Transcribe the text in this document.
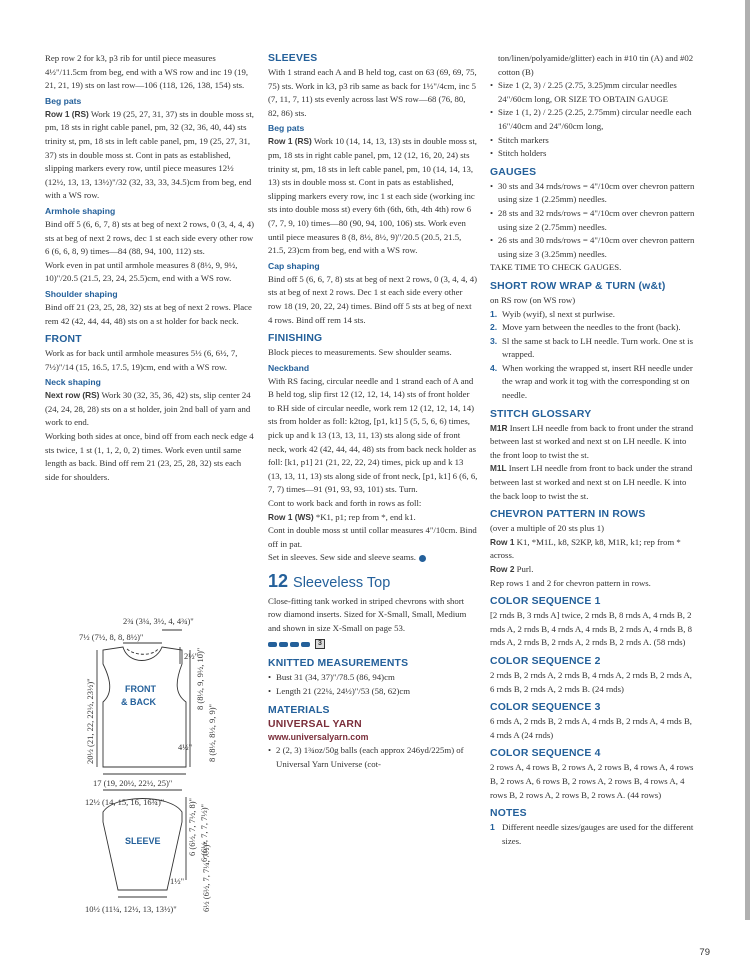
Rep row 2 for k3, p3 rib for until piece measures 4½"/11.5cm from beg, end with a WS row and inc 19 (19, 21, 21, 19) sts on last row—106 (118, 126, 138, 154) sts.

Beg pats

Row 1 (RS) Work 19 (25, 27, 31, 37) sts in double moss st, pm, 18 sts in right cable panel, pm, 32 (32, 36, 40, 44) sts trinity st, pm, 18 sts in left cable panel, pm, 19 (25, 27, 31, 37) sts in double moss st. Cont in pats as established, slipping markers every row, until piece measures 12½ (12½, 13, 13, 13½)"/32 (32, 33, 33, 34.5)cm from beg, end with a WS row.

Armhole shaping

Bind off 5 (6, 6, 7, 8) sts at beg of next 2 rows, 0 (3, 4, 4, 4) sts at beg of next 2 rows, dec 1 st each side every other row 6 (6, 6, 8, 9) times—84 (88, 94, 100, 112) sts.

Work even in pat until armhole measures 8 (8½, 9, 9½, 10)"/20.5 (21.5, 23, 24, 25.5)cm, end with a WS row.

Shoulder shaping

Bind off 21 (23, 25, 28, 32) sts at beg of next 2 rows. Place rem 42 (42, 44, 44, 48) sts on a st holder for back neck.

FRONT

Work as for back until armhole measures 5½ (6, 6½, 7, 7½)"/14 (15, 16.5, 17.5, 19)cm, end with a WS row.

Neck shaping

Next row (RS) Work 30 (32, 35, 36, 42) sts, slip center 24 (24, 24, 28, 28) sts on a st holder, join 2nd ball of yarn and work to end.

Working both sides at once, bind off from each neck edge 4 sts twice, 1 st (1, 1, 2, 0, 2) times. Work even until same length as back. Bind off rem 21 (23, 25, 28, 32) sts each side for shoulders.

2¾ (3¼, 3½, 4, 4¾)"
7½ (7½, 8, 8, 8½)"
2½"
8 (8½, 9, 9½, 10)"
20½ (21, 22, 22½, 23½)"	4½" 8 (8½, 8½, 9, 9)"
17 (19, 20½, 22½, 25)"
12½ (14, 15, 16, 16¾)"	6 (6½, 7, 7½, 8)" 6 (6½, 7, 7, 7½)"
1½" 6½ (6½, 7, 7¼, 7½)"
10½ (11¼, 12½, 13, 13½)"
FRONT
& BACK
SLEEVE
SLEEVES

With 1 strand each A and B held tog, cast on 63 (69, 69, 75, 75) sts. Work in k3, p3 rib same as back for 1½"/4cm, inc 5 (7, 11, 7, 11) sts evenly across last WS row—68 (76, 80, 82, 86) sts.

Beg pats

Row 1 (RS) Work 10 (14, 14, 13, 13) sts in double moss st, pm, 18 sts in right cable panel, pm, 12 (12, 16, 20, 24) sts trinity st, pm, 18 sts in left cable panel, pm, 10 (14, 14, 13, 13) sts in double moss st. Cont in pats as established, slipping markers every row, inc 1 st each side (working inc sts into double moss st) every 6th (6th, 6th, 4th 4th) row 6 (7, 7, 9, 10) times—80 (90, 94, 100, 106) sts. Work even until piece measures 8 (8, 8½, 8½, 9)"/20.5 (20.5, 21.5, 21.5, 23)cm from beg, end with a WS row.

Cap shaping

Bind off 5 (6, 6, 7, 8) sts at beg of next 2 rows, 0 (3, 4, 4, 4) sts at beg of next 2 rows. Dec 1 st each side every other row 18 (19, 20, 22, 24) times. Bind off 5 sts at beg of next 4 rows. Bind off rem 14 sts.

FINISHING

Block pieces to measurements. Sew shoulder seams.

Neckband

With RS facing, circular needle and 1 strand each of A and B held tog, slip first 12 (12, 12, 14, 14) sts of front holder to RH side of circular needle, work rem 12 (12, 12, 14, 14) sts from holder as foll: k2tog, [p1, k1] 5 (5, 5, 6, 6) times, pick up and k 13 (13, 13, 11, 13) sts along side of front neck, work 42 (42, 44, 44, 48) sts from back neck holder as foll: [k1, p1] 21 (21, 22, 22, 24) times, pick up and k 13 (13, 13, 11, 13) sts along side of front neck, [p1, k1] 6 (6, 6, 7, 7) times—91 (91, 93, 93, 101) sts. Turn.

Cont to work back and forth in rows as foll:

Row 1 (WS) *K1, p1; rep from *, end k1.

Cont in double moss st until collar measures 4"/10cm. Bind off in pat.

Set in sleeves. Sew side and sleeve seams.

12 Sleeveless Top

Close-fitting tank worked in striped chevrons with short row diamond inserts. Sized for X-Small, Small, Medium and shown in size X-Small on page 53.

3
KNITTED MEASUREMENTS

• Bust 31 (34, 37)"/78.5 (86, 94)cm

• Length 21 (22¼, 24½)"/53 (58, 62)cm

MATERIALS
UNIVERSAL YARN
www.universalyarn.com

• 2 (2, 3) 1¾oz/50g balls (each approx 246yd/225m) of Universal Yarn Universe (cot-

ton/linen/polyamide/glitter) each in #10 tin (A) and #02 cotton (B)

• Size 1 (2, 3) / 2.25 (2.75, 3.25)mm circular needles 24"/60cm long, OR SIZE TO OBTAIN GAUGE

• Size 1 (1, 2) / 2.25 (2.25, 2.75mm) circular needle each 16"/40cm and 24"/60cm long,

• Stitch markers

• Stitch holders

GAUGES

• 30 sts and 34 rnds/rows = 4"/10cm over chevron pattern using size 1 (2.25mm) needles.

• 28 sts and 32 rnds/rows = 4"/10cm over chevron pattern using size 2 (2.75mm) needles.

• 26 sts and 30 rnds/rows = 4"/10cm over chevron pattern using size 3 (3.25mm) needles.

TAKE TIME TO CHECK GAUGES.

SHORT ROW WRAP & TURN (w&t)

on RS row (on WS row)

1. Wyib (wyif), sl next st purlwise.

2. Move yarn between the needles to the front (back).

3. Sl the same st back to LH needle. Turn work. One st is wrapped.

4. When working the wrapped st, insert RH needle under the wrap and work it tog with the corresponding st on needle.

STITCH GLOSSARY

M1R Insert LH needle from back to front under the strand between last st worked and next st on LH needle. K into the front loop to twist the st.

M1L Insert LH needle from front to back under the strand between last st worked and next st on LH needle. K into the back loop to twist the st.

CHEVRON PATTERN IN ROWS

(over a multiple of 20 sts plus 1)

Row 1 K1, *M1L, k8, S2KP, k8, M1R, k1; rep from * across.

Row 2 Purl.

Rep rows 1 and 2 for chevron pattern in rows.

COLOR SEQUENCE 1

[2 rnds B, 3 rnds A] twice, 2 rnds B, 8 rnds A, 4 rnds B, 2 rnds A, 2 rnds B, 4 rnds A, 4 rnds B, 2 rnds A, 4 rnds B, 8 rnds A, 2 rnds B, 2 rnds A, 2 rnds B, 2 rnds A. (58 rnds)

COLOR SEQUENCE 2

2 rnds B, 2 rnds A, 2 rnds B, 4 rnds A, 2 rnds B, 2 rnds A, 6 rnds B, 2 rnds A, 2 rnds B. (24 rnds)

COLOR SEQUENCE 3

6 rnds A, 2 rnds B, 2 rnds A, 4 rnds B, 2 rnds A, 4 rnds B, 4 rnds A (24 rnds)

COLOR SEQUENCE 4

2 rows A, 4 rows B, 2 rows A, 2 rows B, 4 rows A, 4 rows B, 2 rows A, 6 rows B, 2 rows A, 2 rows B, 4 rows A, 4 rows B, 2 rows A, 2 rows B, 2 rows A. (44 rows)

NOTES

1 Different needle sizes/gauges are used for the different sizes.

79
